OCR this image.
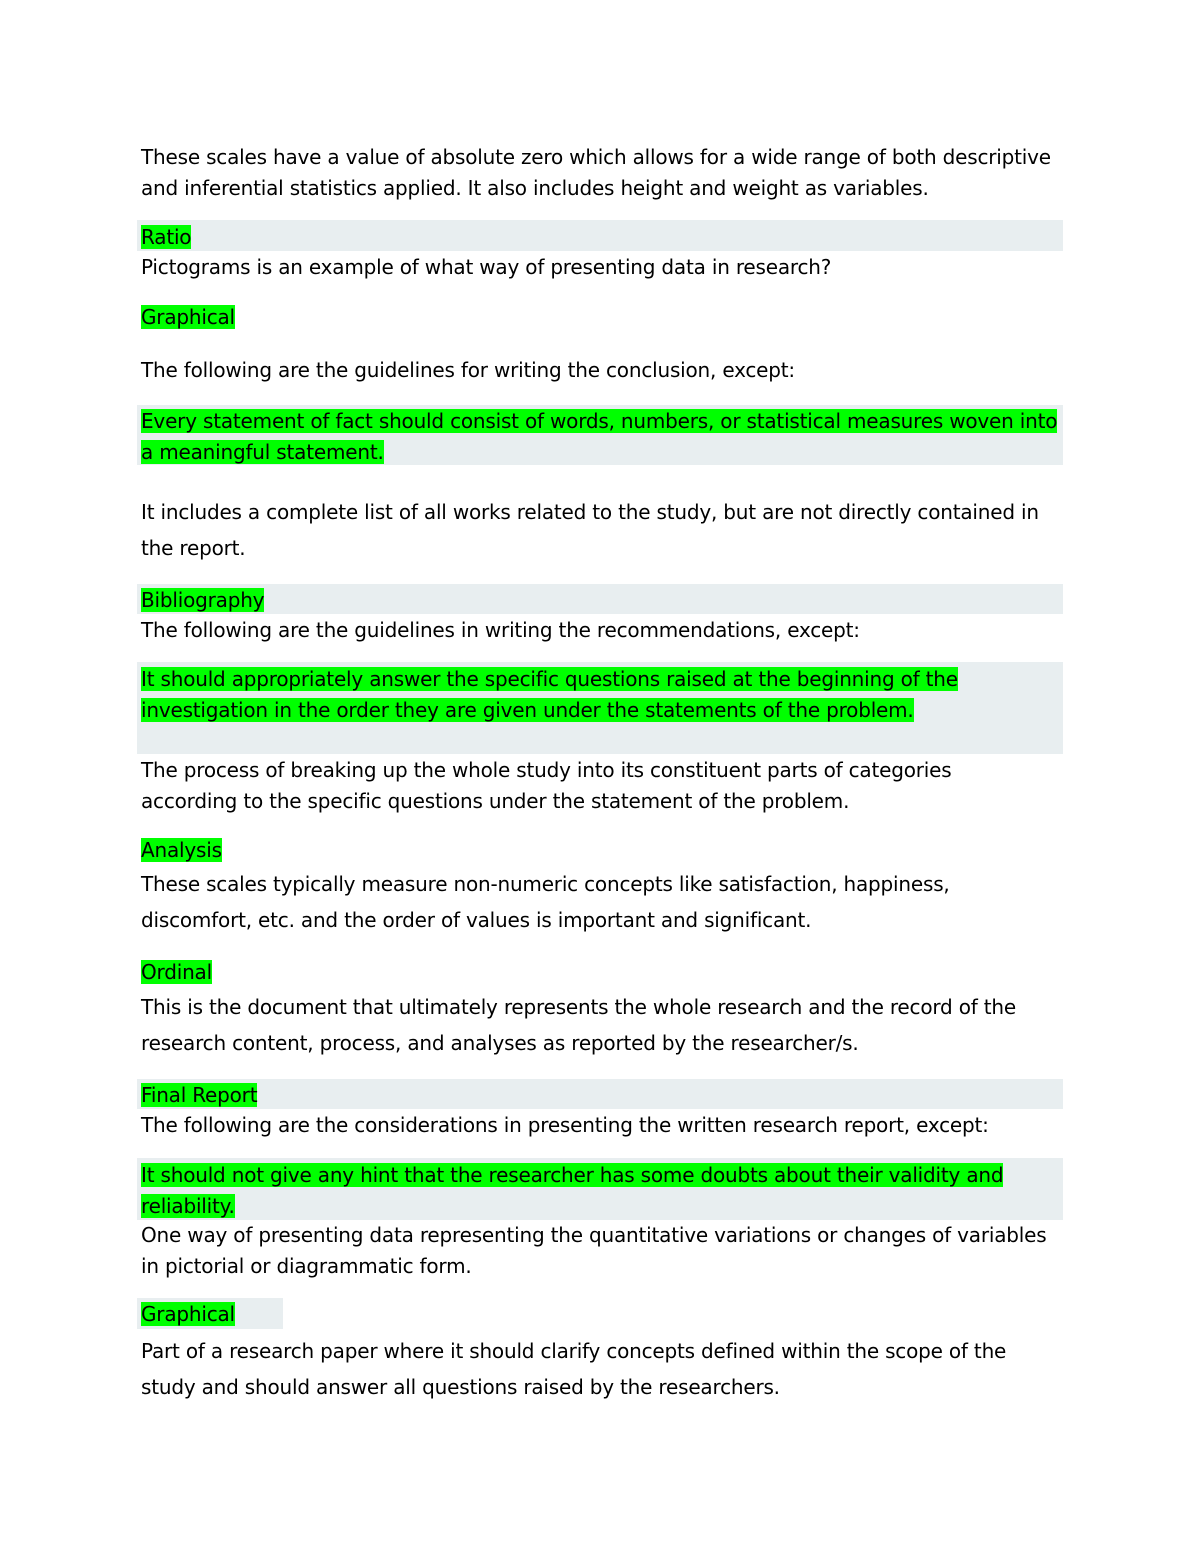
These scales have a value of absolute zero which allows for a wide range of both descriptive and inferential statistics applied. It also includes height and weight as variables.

Ratio

Pictograms is an example of what way of presenting data in research?

Graphical

The following are the guidelines for writing the conclusion, except:

Every statement of fact should consist of words, numbers, or statistical measures woven into a meaningful statement.

It includes a complete list of all works related to the study, but are not directly contained in the report.

Bibliography

The following are the guidelines in writing the recommendations, except:

It should appropriately answer the specific questions raised at the beginning of the investigation in the order they are given under the statements of the problem.

The process of breaking up the whole study into its constituent parts of categories according to the specific questions under the statement of the problem.

Analysis

These scales typically measure non-numeric concepts like satisfaction, happiness, discomfort, etc. and the order of values is important and significant.

Ordinal

This is the document that ultimately represents the whole research and the record of the research content, process, and analyses as reported by the researcher/s.

Final Report

The following are the considerations in presenting the written research report, except:

It should not give any hint that the researcher has some doubts about their validity and reliability.

One way of presenting data representing the quantitative variations or changes of variables in pictorial or diagrammatic form.

Graphical

Part of a research paper where it should clarify concepts defined within the scope of the study and should answer all questions raised by the researchers.
